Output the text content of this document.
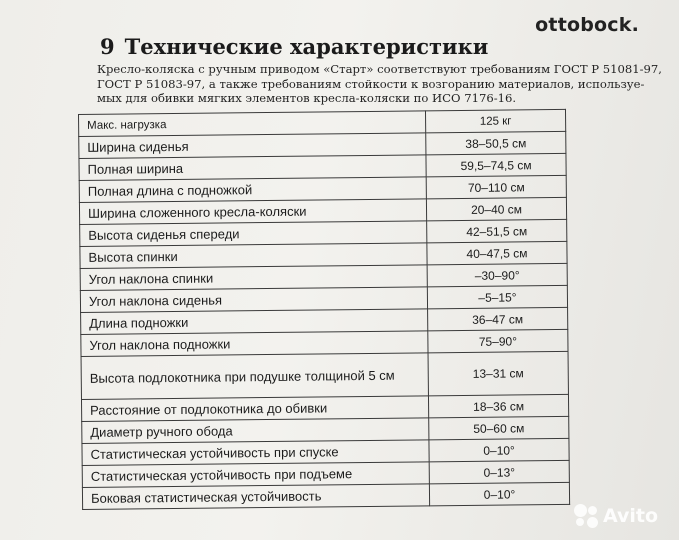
ottobock.
9 Технические характеристики
Кресло-коляска с ручным приводом «Старт» соответствуют требованиям ГОСТ Р 51081-97,
ГОСТ Р 51083-97, а также требованиям стойкости к возгоранию материалов, используе-
мых для обивки мягких элементов кресла-коляски по ИСО 7176-16.
Макс. нагрузка	125 кг
Ширина сиденья	38–50,5 см
Полная ширина	59,5–74,5 см
Полная длина с подножкой	70–110 см
Ширина сложенного кресла-коляски	20–40 см
Высота сиденья спереди	42–51,5 см
Высота спинки	40–47,5 см
Угол наклона спинки	–30–90°
Угол наклона сиденья	–5–15°
Длина подножки	36–47 см
Угол наклона подножки	75–90°
Высота подлокотника при подушке толщиной 5 см	13–31 см
Расстояние от подлокотника до обивки	18–36 см
Диаметр ручного обода	50–60 см
Статистическая устойчивость при спуске	0–10°
Статистическая устойчивость при подъеме	0–13°
Боковая статистическая устойчивость	0–10°
Avito
